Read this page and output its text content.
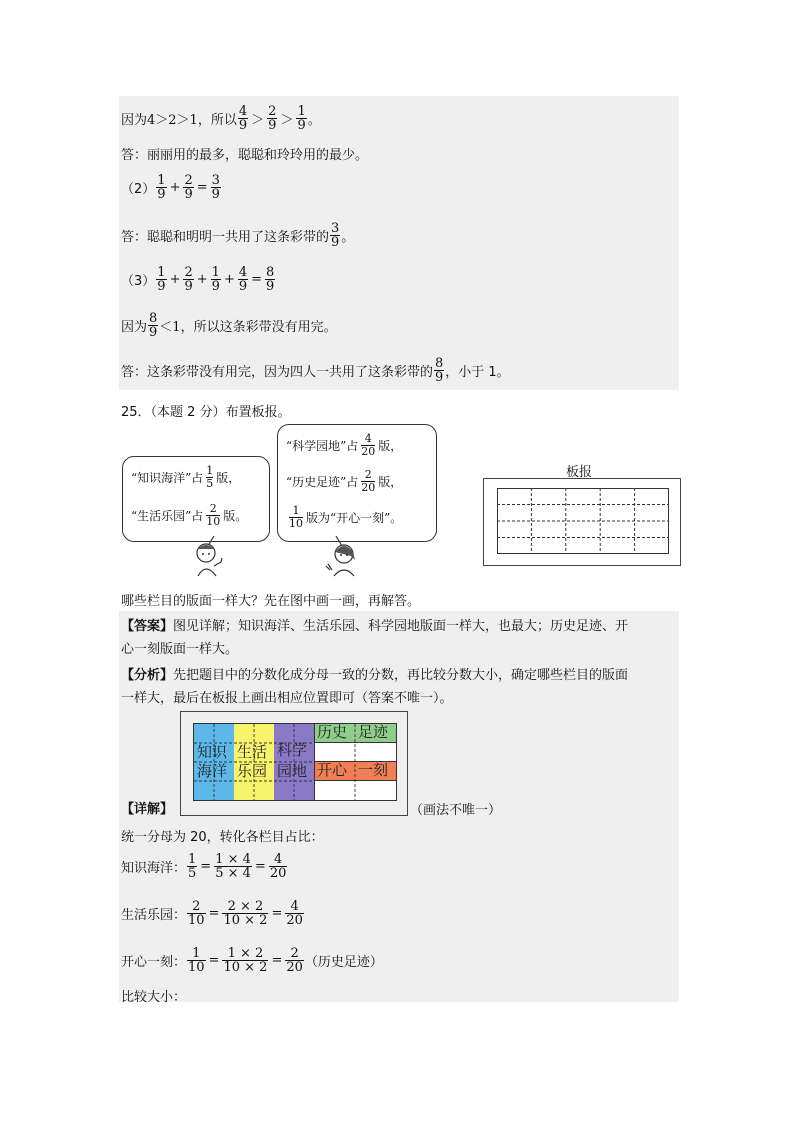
因为 4＞2＞1 ，所以 $\frac{4}{9} > \frac{2}{9} > \frac{1}{9}$ 。
答：丽丽用的最多，聪聪和玲玲用的最少。
$(2) \frac{1}{9} + \frac{2}{9} = \frac{3}{9}$
答：聪聪和明明一共用了这条彩带的 $\frac{3}{9}$ 。
$(3) \frac{1}{9} + \frac{2}{9} + \frac{1}{9} + \frac{4}{9} = \frac{8}{9}$
因为 $\frac{8}{9} <1$ ，所以这条彩带没有用完。
答：这条彩带没有用完，因为四人一共用了这条彩带的 $\frac{8}{9}$ ，小于 1。
25．（本题 2 分）布置板报。
“知识海洋”占
1
5 版，
“生活乐园”占
2
10 版。
“科学园地”占
4
20 版，
“历史足迹”占
2
20 版，
1
10 版为“开心一刻”。
板报
哪些栏目的版面一样大？先在图中画一画，再解答。
【答案】 图见详解；知识海洋、生活乐园、科学园地版面一样大，也最大；历史足迹、开
心一刻版面一样大。
【分析】 先把题目中的分数化成分母一致的分数，再比较分数大小，确定哪些栏目的版面
一样大，最后在板报上画出相应位置即可（答案不唯一）。
【详解】
知识
海洋
生活
乐园
科学
园地
历史 足迹
开心 一刻
（画法不唯一）
统一分母为 20，转化各栏目占比：
知识海洋： $\frac{1}{5} = \frac{1 \times 4}{5 \times 4} = \frac{4}{20}$
生活乐园： $\frac{2}{10} = \frac{2 \times 2}{10 \times 2} = \frac{4}{20}$
开心一刻： $\frac{1}{10} = \frac{1 \times 2}{10 \times 2} = \frac{2}{20}$ （历史足迹）
比较大小：
